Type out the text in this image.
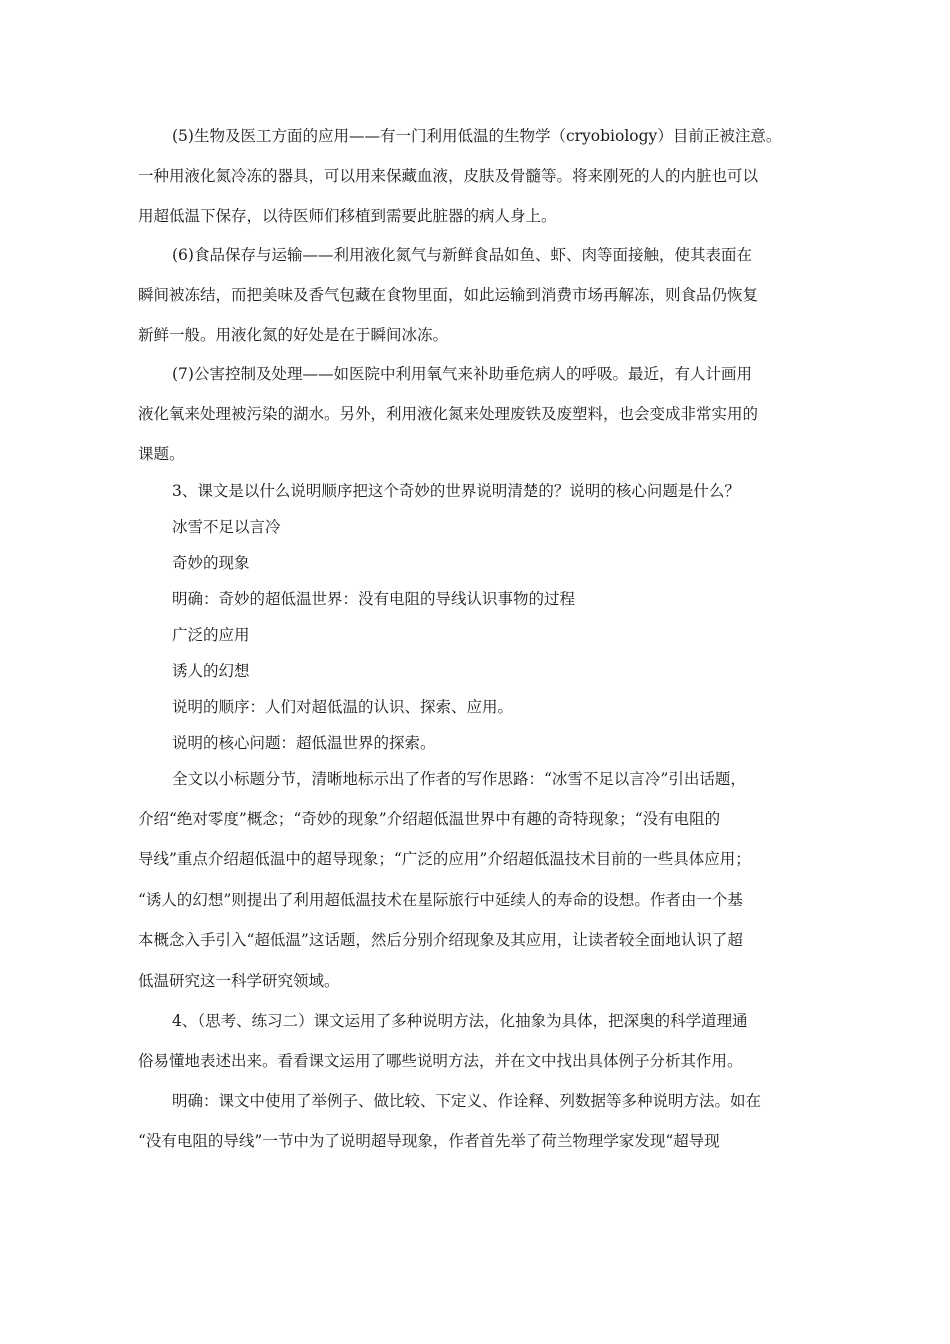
(5)生物及医工方面的应用——有一门利用低温的生物学（cryobiology）目前正被注意。
一种用液化氮冷冻的器具，可以用来保藏血液，皮肤及骨髓等。将来刚死的人的内脏也可以
用超低温下保存，以待医师们移植到需要此脏器的病人身上。
(6)食品保存与运输——利用液化氮气与新鲜食品如鱼、虾、肉等面接触，使其表面在
瞬间被冻结，而把美味及香气包藏在食物里面，如此运输到消费市场再解冻，则食品仍恢复
新鲜一般。用液化氮的好处是在于瞬间冰冻。
(7)公害控制及处理——如医院中利用氧气来补助垂危病人的呼吸。最近，有人计画用
液化氧来处理被污染的湖水。另外，利用液化氮来处理废铁及废塑料，也会变成非常实用的
课题。
3、课文是以什么说明顺序把这个奇妙的世界说明清楚的？说明的核心问题是什么？
冰雪不足以言冷
奇妙的现象
明确：奇妙的超低温世界：没有电阻的导线认识事物的过程
广泛的应用
诱人的幻想
说明的顺序：人们对超低温的认识、探索、应用。
说明的核心问题：超低温世界的探索。
全文以小标题分节，清晰地标示出了作者的写作思路：“冰雪不足以言冷”引出话题，
介绍“绝对零度”概念；“奇妙的现象”介绍超低温世界中有趣的奇特现象；“没有电阻的
导线”重点介绍超低温中的超导现象；“广泛的应用”介绍超低温技术目前的一些具体应用；
“诱人的幻想”则提出了利用超低温技术在星际旅行中延续人的寿命的设想。作者由一个基
本概念入手引入“超低温”这话题，然后分别介绍现象及其应用，让读者较全面地认识了超
低温研究这一科学研究领域。
4、（思考、练习二）课文运用了多种说明方法，化抽象为具体，把深奥的科学道理通
俗易懂地表述出来。看看课文运用了哪些说明方法，并在文中找出具体例子分析其作用。
明确：课文中使用了举例子、做比较、下定义、作诠释、列数据等多种说明方法。如在
“没有电阻的导线”一节中为了说明超导现象，作者首先举了荷兰物理学家发现“超导现
